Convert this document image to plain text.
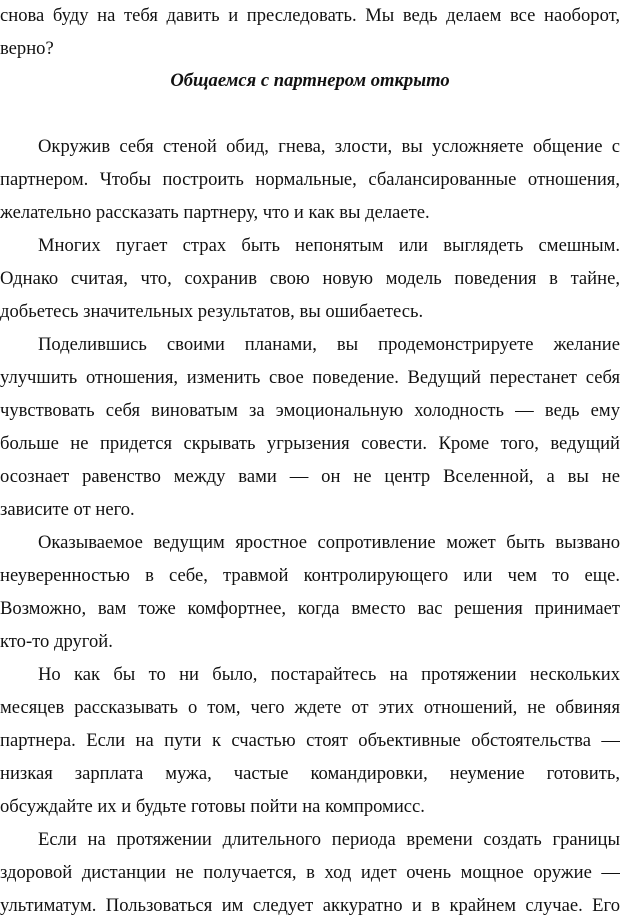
снова буду на тебя давить и преследовать. Мы ведь делаем все наоборот,
верно?
Общаемся с партнером открыто
Окружив себя стеной обид, гнева, злости, вы усложняете общение с
партнером. Чтобы построить нормальные, сбалансированные отношения,
желательно рассказать партнеру, что и как вы делаете.
Многих пугает страх быть непонятым или выглядеть смешным.
Однако считая, что, сохранив свою новую модель поведения в тайне,
добьетесь значительных результатов, вы ошибаетесь.
Поделившись своими планами, вы продемонстрируете желание
улучшить отношения, изменить свое поведение. Ведущий перестанет себя
чувствовать себя виноватым за эмоциональную холодность — ведь ему
больше не придется скрывать угрызения совести. Кроме того, ведущий
осознает равенство между вами — он не центр Вселенной, а вы не
зависите от него.
Оказываемое ведущим яростное сопротивление может быть вызвано
неуверенностью в себе, травмой контролирующего или чем то еще.
Возможно, вам тоже комфортнее, когда вместо вас решения принимает
кто-то другой.
Но как бы то ни было, постарайтесь на протяжении нескольких
месяцев рассказывать о том, чего ждете от этих отношений, не обвиняя
партнера. Если на пути к счастью стоят объективные обстоятельства —
низкая зарплата мужа, частые командировки, неумение готовить,
обсуждайте их и будьте готовы пойти на компромисс.
Если на протяжении длительного периода времени создать границы
здоровой дистанции не получается, в ход идет очень мощное оружие —
ультиматум. Пользоваться им следует аккуратно и в крайнем случае. Его
